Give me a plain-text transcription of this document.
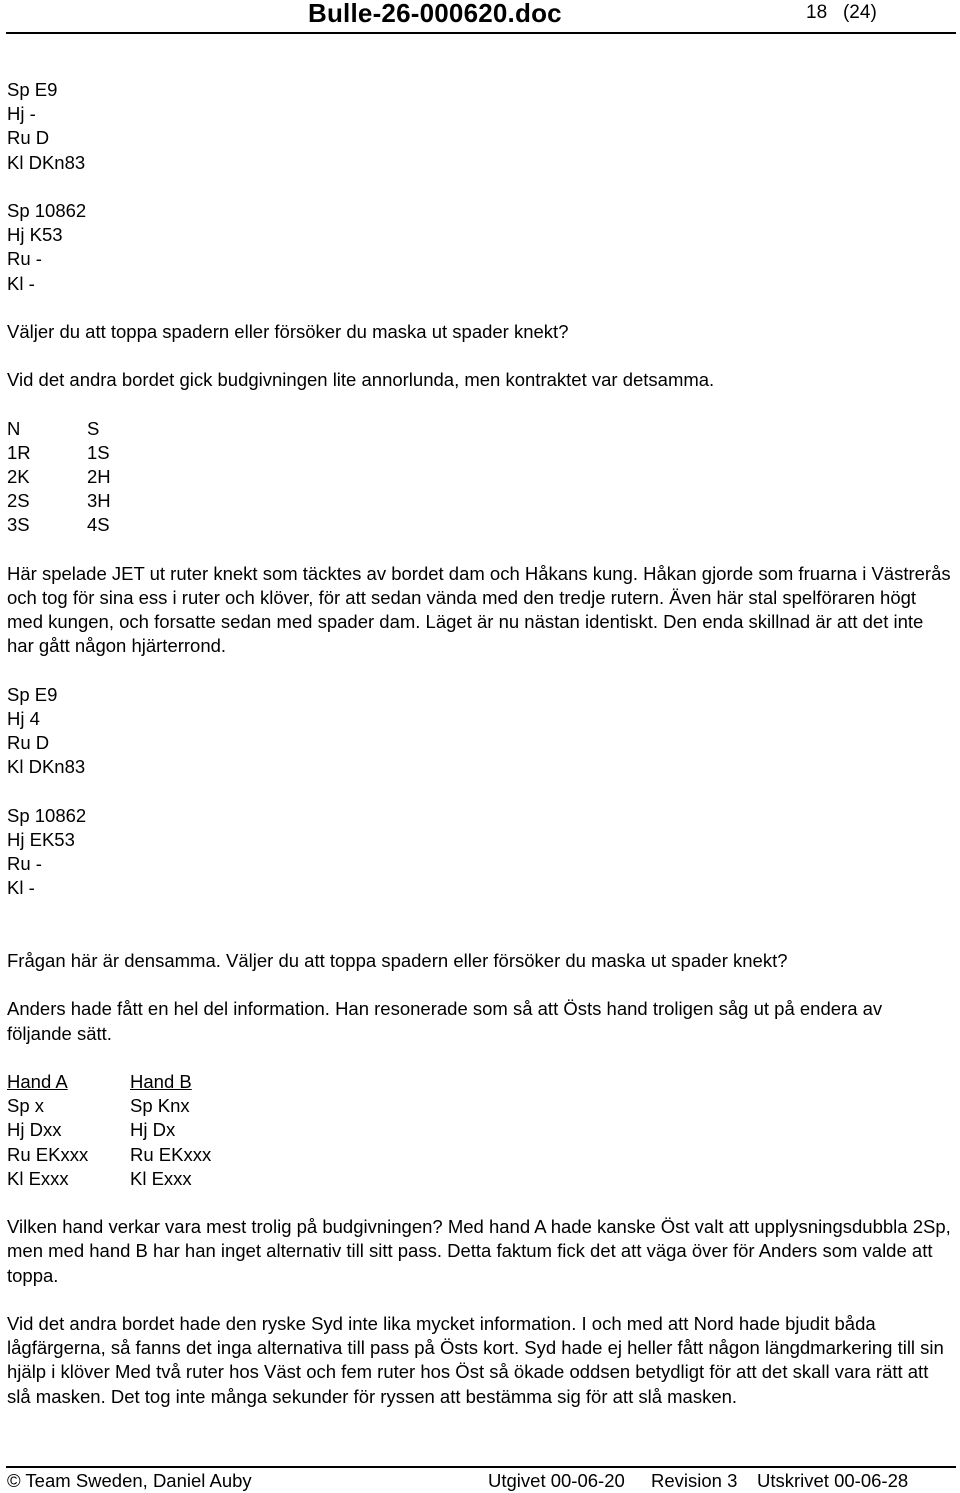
Bulle-26-000620.doc	18 (24)
Sp E9
Hj -
Ru D
Kl DKn83
Sp 10862
Hj K53
Ru -
Kl -
Väljer du att toppa spadern eller försöker du maska ut spader knekt?
Vid det andra bordet gick budgivningen lite annorlunda, men kontraktet var detsamma.
N	S
1R	1S
2K	2H
2S	3H
3S	4S
Här spelade JET ut ruter knekt som täcktes av bordet dam och Håkans kung. Håkan gjorde som fruarna i Västrerås och tog för sina ess i ruter och klöver, för att sedan vända med den tredje rutern. Även här stal spelföraren högt med kungen, och forsatte sedan med spader dam. Läget är nu nästan identiskt. Den enda skillnad är att det inte har gått någon hjärterrond.
Sp E9
Hj 4
Ru D
Kl DKn83
Sp 10862
Hj EK53
Ru -
Kl -
Frågan här är densamma. Väljer du att toppa spadern eller försöker du maska ut spader knekt?
Anders hade fått en hel del information. Han resonerade som så att Östs hand troligen såg ut på endera av följande sätt.
Hand A	Hand B
Sp x	Sp Knx
Hj Dxx	Hj Dx
Ru EKxxx	Ru EKxxx
Kl Exxx	Kl Exxx
Vilken hand verkar vara mest trolig på budgivningen? Med hand A hade kanske Öst valt att upplysningsdubbla 2Sp, men med hand B har han inget alternativ till sitt pass. Detta faktum fick det att väga över för Anders som valde att toppa.
Vid det andra bordet hade den ryske Syd inte lika mycket information. I och med att Nord hade bjudit båda lågfärgerna, så fanns det inga alternativa till pass på Östs kort. Syd hade ej heller fått någon längdmarkering till sin hjälp i klöver Med två ruter hos Väst och fem ruter hos Öst så ökade oddsen betydligt för att det skall vara rätt att slå masken. Det tog inte många sekunder för ryssen att bestämma sig för att slå masken.
© Team Sweden, Daniel Auby	Utgivet 00-06-20 Revision 3 Utskrivet 00-06-28
